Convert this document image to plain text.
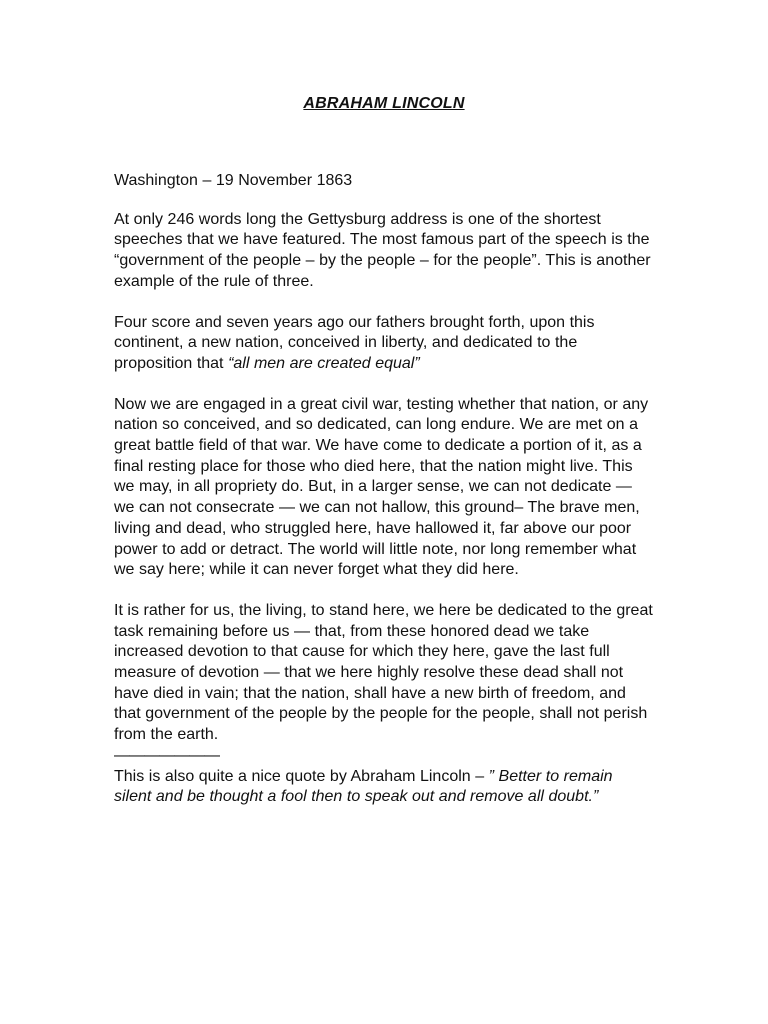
ABRAHAM LINCOLN

Washington – 19 November 1863

At only 246 words long the Gettysburg address is one of the shortest speeches that we have featured. The most famous part of the speech is the “government of the people – by the people – for the people”. This is another example of the rule of three.

Four score and seven years ago our fathers brought forth, upon this continent, a new nation, conceived in liberty, and dedicated to the proposition that “all men are created equal”

Now we are engaged in a great civil war, testing whether that nation, or any nation so conceived, and so dedicated, can long endure. We are met on a great battle field of that war. We have come to dedicate a portion of it, as a final resting place for those who died here, that the nation might live. This we may, in all propriety do. But, in a larger sense, we can not dedicate — we can not consecrate — we can not hallow, this ground– The brave men, living and dead, who struggled here, have hallowed it, far above our poor power to add or detract. The world will little note, nor long remember what we say here; while it can never forget what they did here.

It is rather for us, the living, to stand here, we here be dedicated to the great task remaining before us — that, from these honored dead we take increased devotion to that cause for which they here, gave the last full measure of devotion — that we here highly resolve these dead shall not have died in vain; that the nation, shall have a new birth of freedom, and that government of the people by the people for the people, shall not perish from the earth.

———————

This is also quite a nice quote by Abraham Lincoln – ” Better to remain silent and be thought a fool then to speak out and remove all doubt.”
